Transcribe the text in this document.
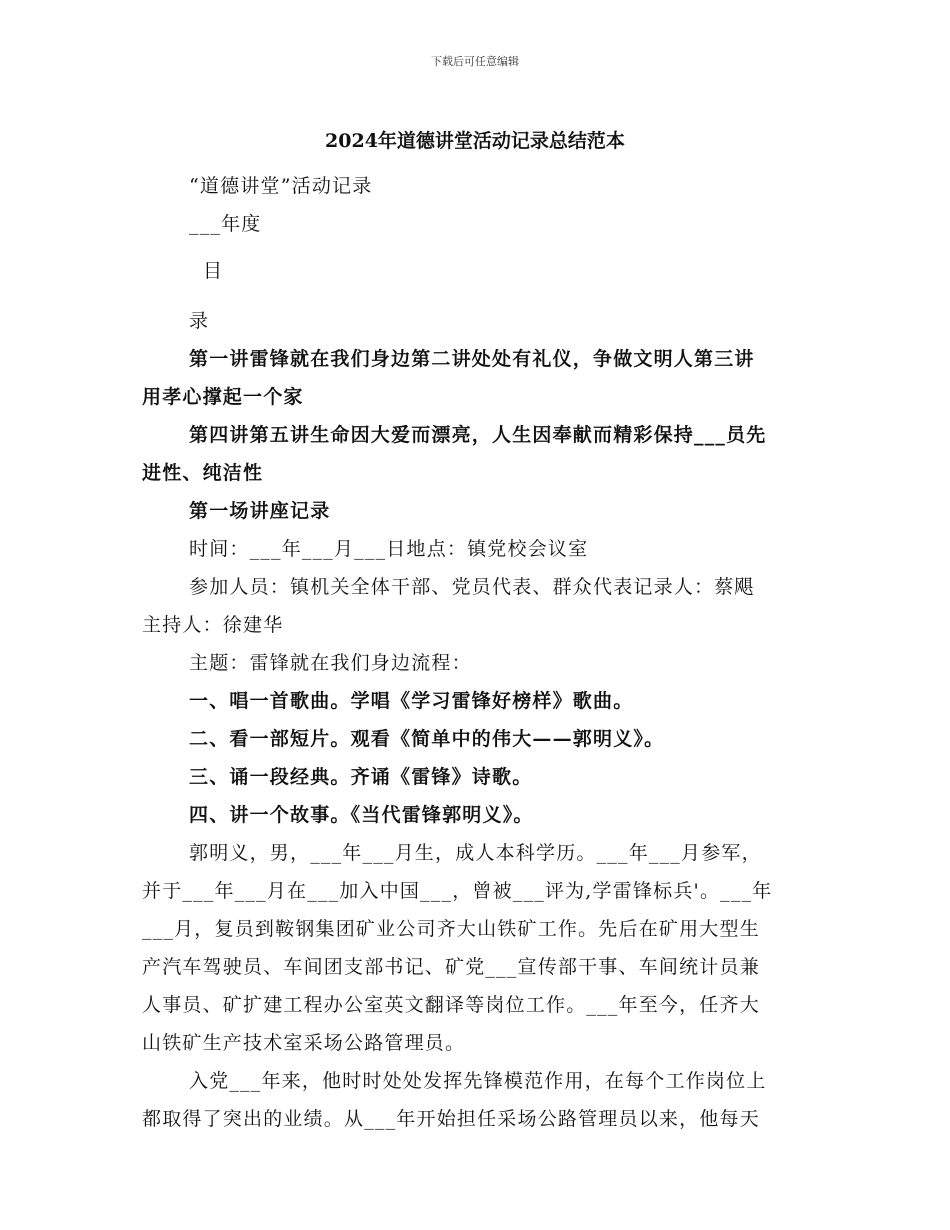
下载后可任意编辑
2024年道德讲堂活动记录总结范本
“道德讲堂”活动记录
___年度
目
录
第一讲雷锋就在我们身边第二讲处处有礼仪，争做文明人第三讲
用孝心撑起一个家
第四讲第五讲生命因大爱而漂亮，人生因奉献而精彩保持___员先
进性、纯洁性
第一场讲座记录
时间：___年___月___日地点：镇党校会议室
参加人员：镇机关全体干部、党员代表、群众代表记录人：蔡飓
主持人：徐建华
主题：雷锋就在我们身边流程：
一、唱一首歌曲。学唱《学习雷锋好榜样》歌曲。
二、看一部短片。观看《简单中的伟大——郭明义》。
三、诵一段经典。齐诵《雷锋》诗歌。
四、讲一个故事。《当代雷锋郭明义》。
郭明义，男，___年___月生，成人本科学历。___年___月参军，
并于___年___月在___加入中国___，曾被___评为,学雷锋标兵'。___年
___月，复员到鞍钢集团矿业公司齐大山铁矿工作。先后在矿用大型生
产汽车驾驶员、车间团支部书记、矿党___宣传部干事、车间统计员兼
人事员、矿扩建工程办公室英文翻译等岗位工作。___年至今，任齐大
山铁矿生产技术室采场公路管理员。
入党___年来，他时时处处发挥先锋模范作用，在每个工作岗位上
都取得了突出的业绩。从___年开始担任采场公路管理员以来，他每天
